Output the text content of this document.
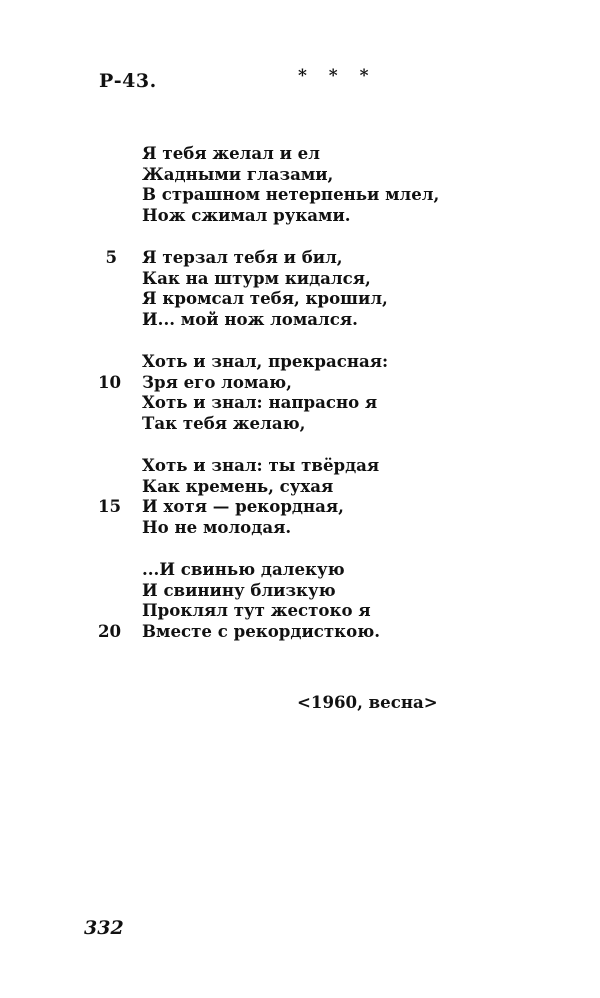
Р-43.	* * *
Я тебя желал и ел
Жадными глазами,
В страшном нетерпеньи млел,
Нож сжимал руками.
5 Я терзал тебя и бил,
Как на штурм кидался,
Я кромсал тебя, крошил,
И... мой нож ломался.
Хоть и знал, прекрасная:
10 Зря его ломаю,
Хоть и знал: напрасно я
Так тебя желаю,
Хоть и знал: ты твёрдая
Как кремень, сухая
15 И хотя — рекордная,
Но не молодая.
...И свинью далекую
И свинину близкую
Проклял тут жестоко я
20 Вместе с рекордисткою.
<1960, весна>
332
